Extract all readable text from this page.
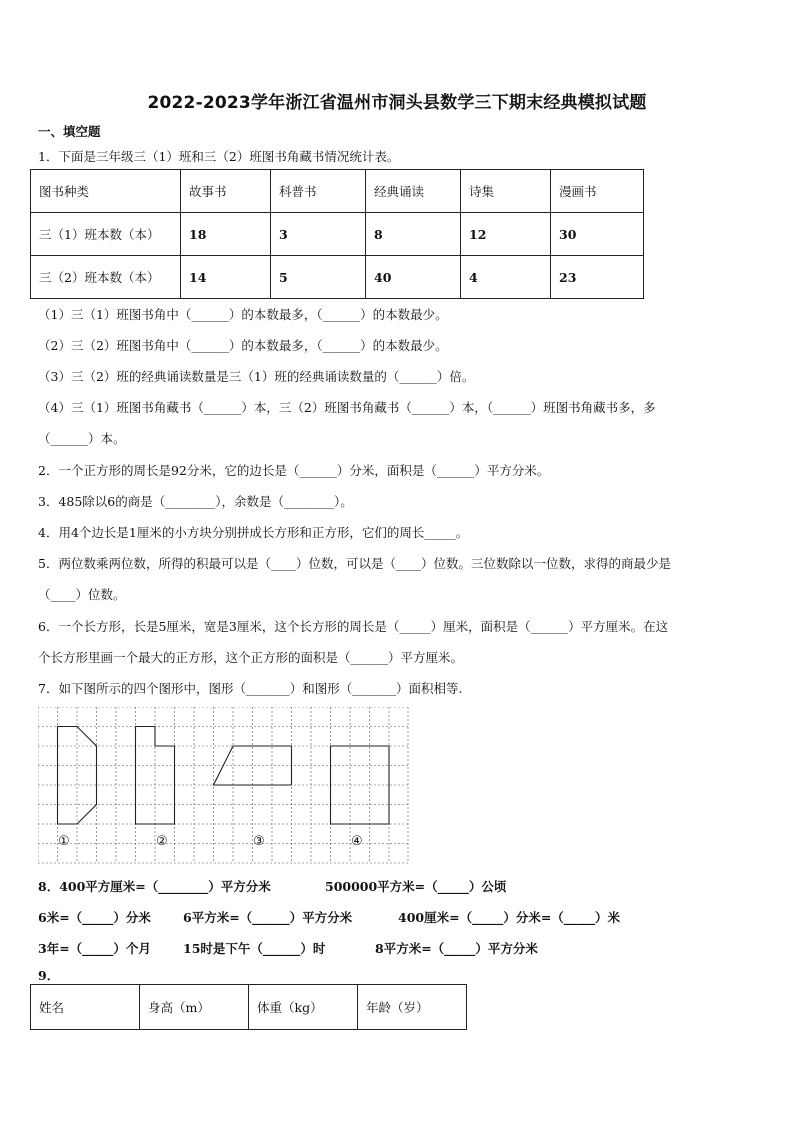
2022-2023学年浙江省温州市洞头县数学三下期末经典模拟试题
一、填空题
1．下面是三年级三（1）班和三（2）班图书角藏书情况统计表。
图书种类	故事书	科普书	经典诵读	诗集	漫画书
三（1）班本数（本）	18	3	8	12	30
三（2）班本数（本）	14	5	40	4	23
（1）三（1）班图书角中（______）的本数最多，（______）的本数最少。
（2）三（2）班图书角中（______）的本数最多，（______）的本数最少。
（3）三（2）班的经典诵读数量是三（1）班的经典诵读数量的（______）倍。
（4）三（1）班图书角藏书（______）本，三（2）班图书角藏书（______）本，（______）班图书角藏书多，多
（______）本。
2．一个正方形的周长是92分米，它的边长是（______）分米，面积是（______）平方分米。
3．485除以6的商是（________），余数是（________）。
4．用4个边长是1厘米的小方块分别拼成长方形和正方形，它们的周长_____。
5．两位数乘两位数，所得的积最可以是（____）位数，可以是（____）位数。三位数除以一位数，求得的商最少是
（____）位数。
6．一个长方形，长是5厘米，宽是3厘米，这个长方形的周长是（_____）厘米，面积是（______）平方厘米。在这
个长方形里画一个最大的正方形，这个正方形的面积是（______）平方厘米。
7．如下图所示的四个图形中，图形（_______）和图形（_______）面积相等.
①	②	③	④
8．400平方厘米=（________）平方分米	500000平方米=（_____）公顷
6米=（_____）分米	6平方米=（______）平方分米	400厘米=（_____）分米=（_____）米
3年=（_____）个月	15时是下午（______）时	8平方米=（_____）平方分米
9．
姓名	身高（m）	体重（kg）	年龄（岁）
